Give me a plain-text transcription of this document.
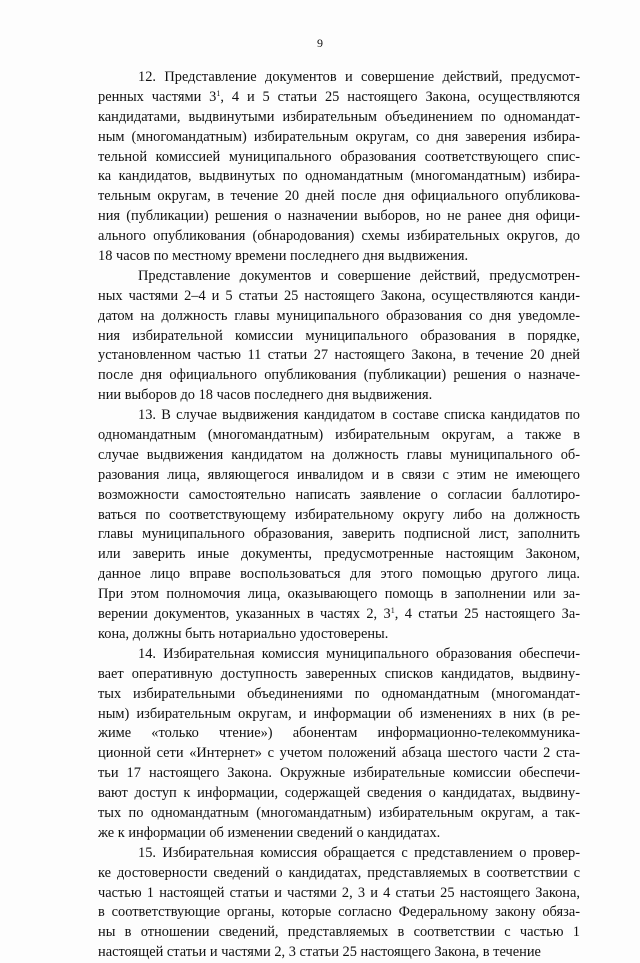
9
12. Представление документов и совершение действий, предусмот-
ренных частями $3^1$, 4 и 5 статьи 25 настоящего Закона, осуществляются
кандидатами, выдвинутыми избирательным объединением по одномандат-
ным (многомандатным) избирательным округам, со дня заверения избира-
тельной комиссией муниципального образования соответствующего спис-
ка кандидатов, выдвинутых по одномандатным (многомандатным) избира-
тельным округам, в течение 20 дней после дня официального опубликова-
ния (публикации) решения о назначении выборов, но не ранее дня офици-
ального опубликования (обнародования) схемы избирательных округов, до
18 часов по местному времени последнего дня выдвижения.
Представление документов и совершение действий, предусмотрен-
ных частями 2–4 и 5 статьи 25 настоящего Закона, осуществляются канди-
датом на должность главы муниципального образования со дня уведомле-
ния избирательной комиссии муниципального образования в порядке,
установленном частью 11 статьи 27 настоящего Закона, в течение 20 дней
после дня официального опубликования (публикации) решения о назначе-
нии выборов до 18 часов последнего дня выдвижения.
13. В случае выдвижения кандидатом в составе списка кандидатов по
одномандатным (многомандатным) избирательным округам, а также в
случае выдвижения кандидатом на должность главы муниципального об-
разования лица, являющегося инвалидом и в связи с этим не имеющего
возможности самостоятельно написать заявление о согласии баллотиро-
ваться по соответствующему избирательному округу либо на должность
главы муниципального образования, заверить подписной лист, заполнить
или заверить иные документы, предусмотренные настоящим Законом,
данное лицо вправе воспользоваться для этого помощью другого лица.
При этом полномочия лица, оказывающего помощь в заполнении или за-
верении документов, указанных в частях 2, $3^1$, 4 статьи 25 настоящего За-
кона, должны быть нотариально удостоверены.
14. Избирательная комиссия муниципального образования обеспечи-
вает оперативную доступность заверенных списков кандидатов, выдвину-
тых избирательными объединениями по одномандатным (многомандат-
ным) избирательным округам, и информации об изменениях в них (в ре-
жиме «только чтение») абонентам информационно-телекоммуника-
ционной сети «Интернет» с учетом положений абзаца шестого части 2 ста-
тьи 17 настоящего Закона. Окружные избирательные комиссии обеспечи-
вают доступ к информации, содержащей сведения о кандидатах, выдвину-
тых по одномандатным (многомандатным) избирательным округам, а так-
же к информации об изменении сведений о кандидатах.
15. Избирательная комиссия обращается с представлением о провер-
ке достоверности сведений о кандидатах, представляемых в соответствии с
частью 1 настоящей статьи и частями 2, 3 и 4 статьи 25 настоящего Закона,
в соответствующие органы, которые согласно Федеральному закону обяза-
ны в отношении сведений, представляемых в соответствии с частью 1
настоящей статьи и частями 2, 3 статьи 25 настоящего Закона, в течение
